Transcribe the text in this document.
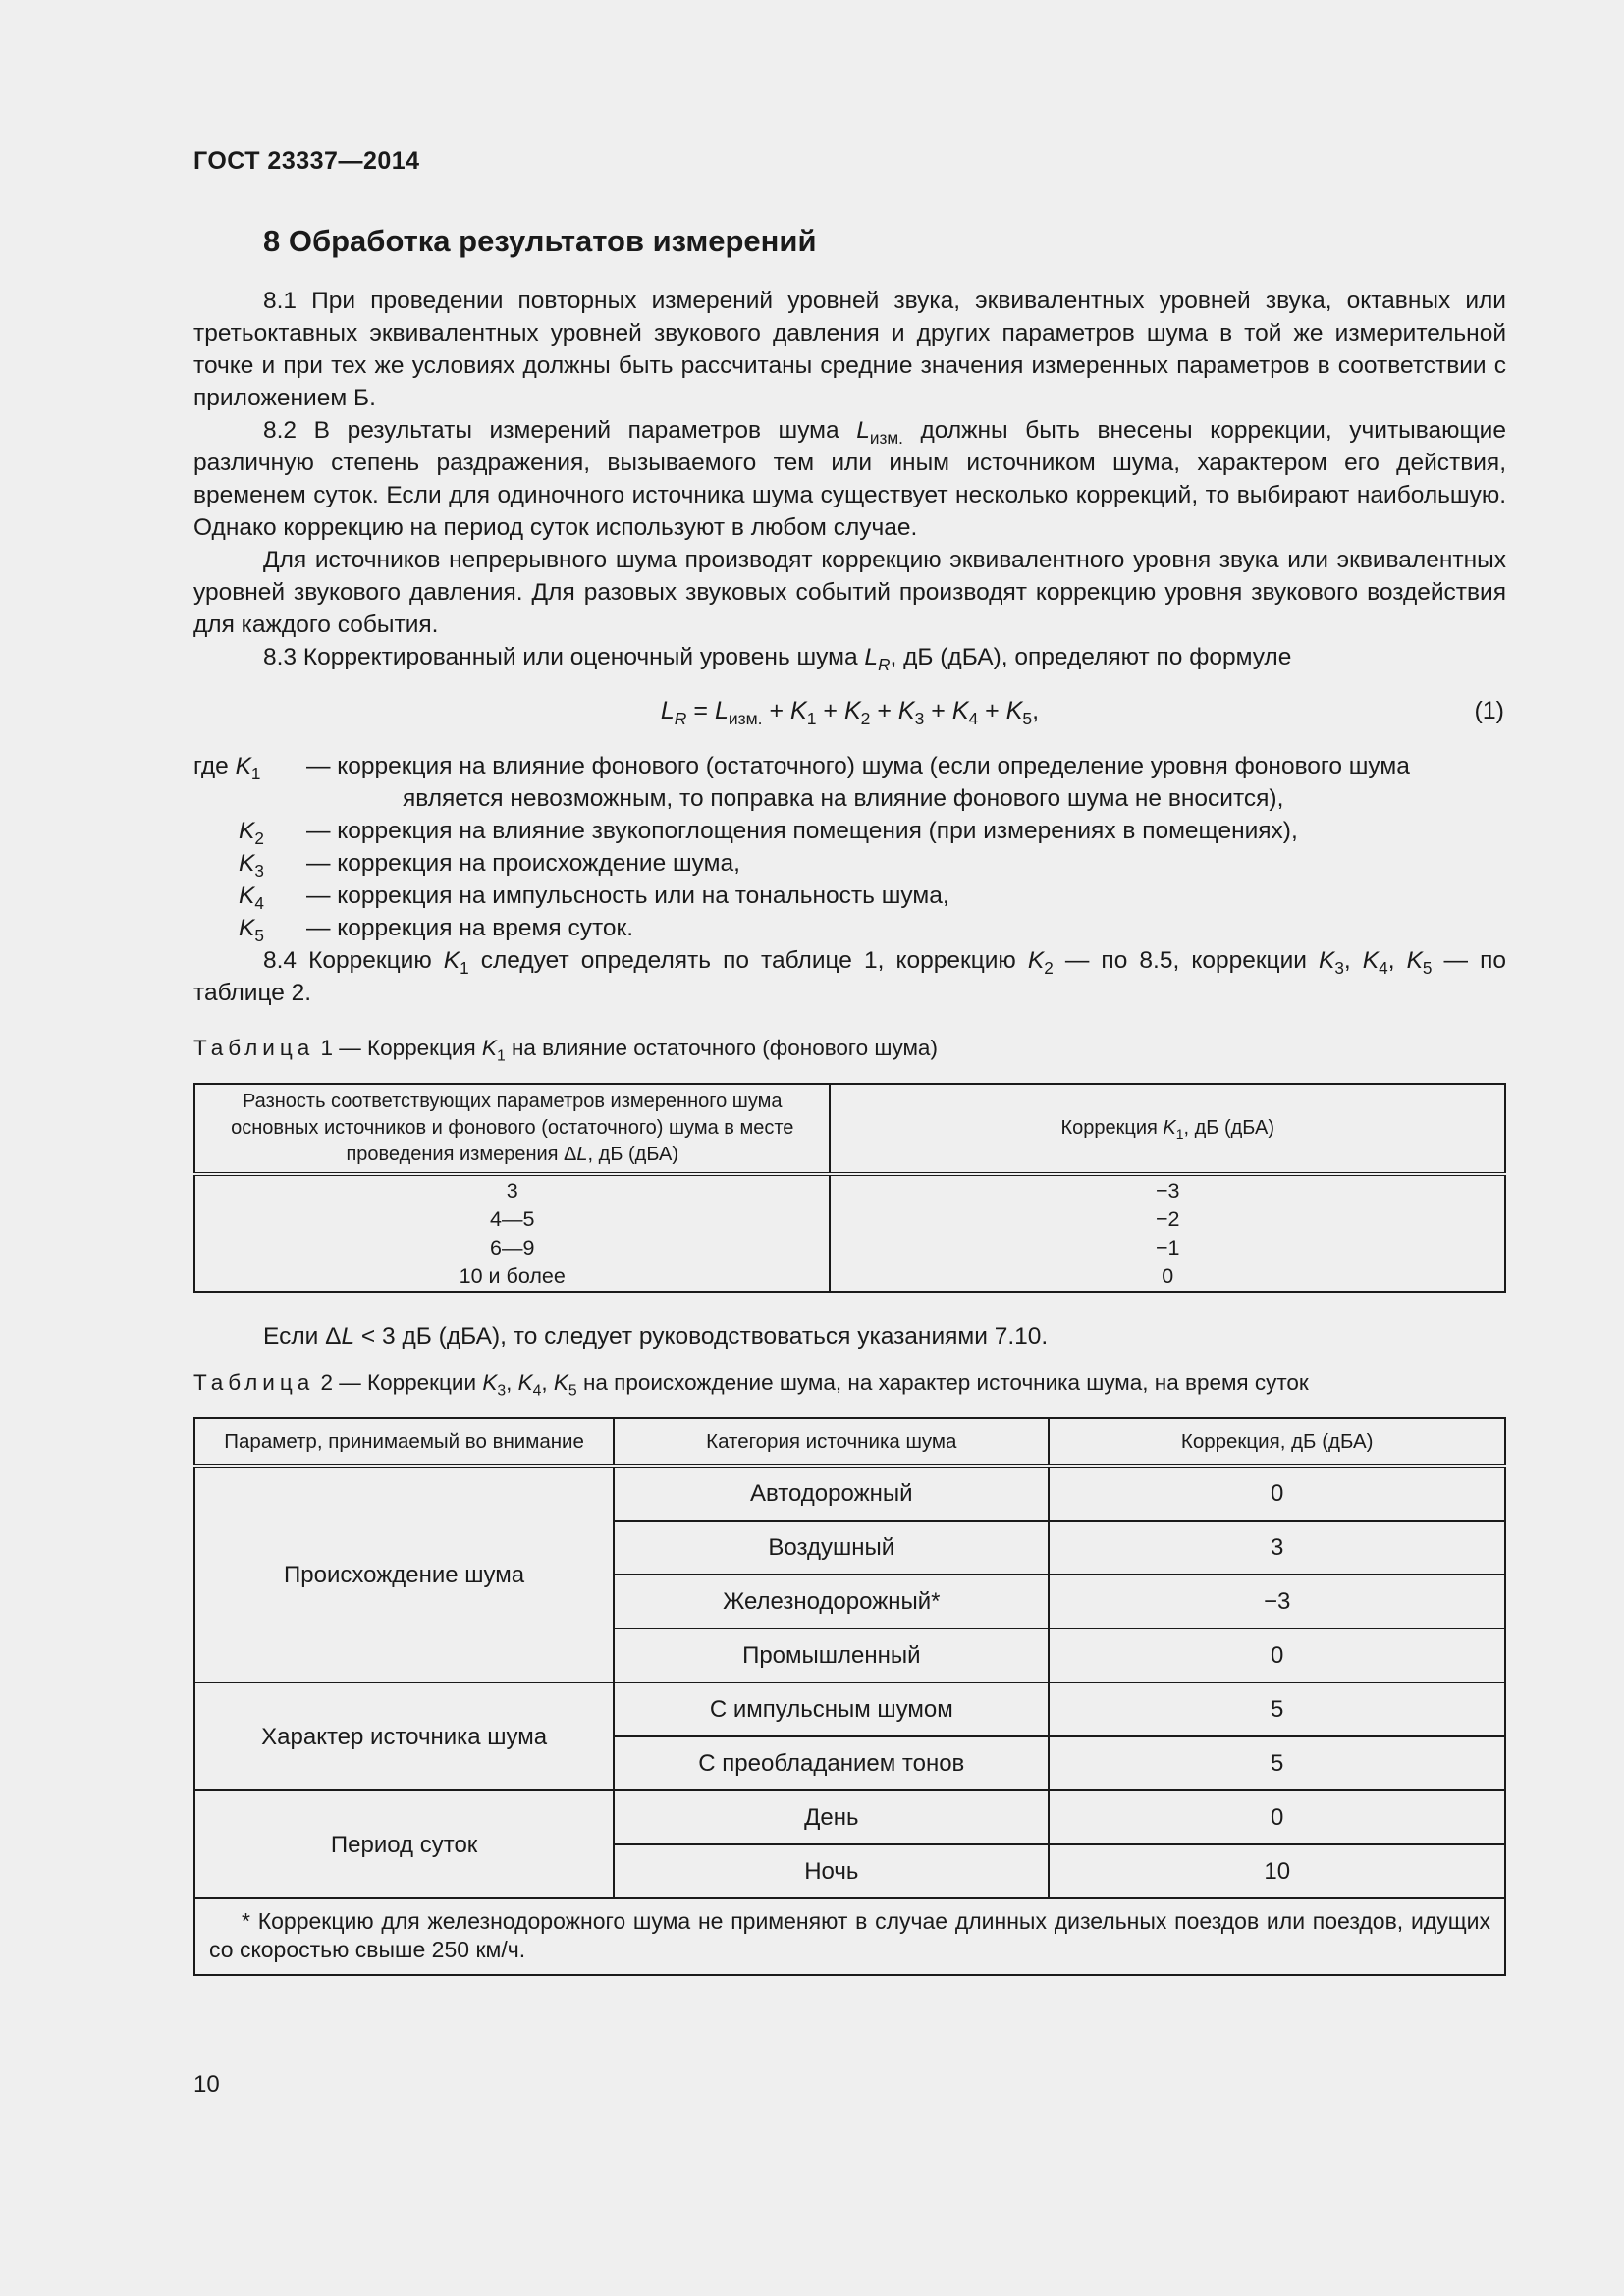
ГОСТ 23337—2014
8 Обработка результатов измерений

8.1 При проведении повторных измерений уровней звука, эквивалентных уровней звука, октавных или третьоктавных эквивалентных уровней звукового давления и других параметров шума в той же измерительной точке и при тех же условиях должны быть рассчитаны средние значения измеренных параметров в соответствии с приложением Б.

8.2 В результаты измерений параметров шума $L_{изм.}$ должны быть внесены коррекции, учитывающие различную степень раздражения, вызываемого тем или иным источником шума, характером его действия, временем суток. Если для одиночного источника шума существует несколько коррекций, то выбирают наибольшую. Однако коррекцию на период суток используют в любом случае.

Для источников непрерывного шума производят коррекцию эквивалентного уровня звука или эквивалентных уровней звукового давления. Для разовых звуковых событий производят коррекцию уровня звукового воздействия для каждого события.

8.3 Корректированный или оценочный уровень шума $L_R$, дБ (дБА), определяют по формуле

$L_R = L_{изм.} + K_1 + K_2 + K_3 + K_4 + K_5$,	(1)
где $K_1$ — коррекция на влияние фонового (остаточного) шума (если определение уровня фонового шума
является невозможным, то поправка на влияние фонового шума не вносится),
$K_2$ — коррекция на влияние звукопоглощения помещения (при измерениях в помещениях),
$K_3$ — коррекция на происхождение шума,
$K_4$ — коррекция на импульсность или на тональность шума,
$K_5$ — коррекция на время суток.

8.4 Коррекцию $K_1$ следует определять по таблице 1, коррекцию $K_2$ — по 8.5, коррекции $K_3$, $K_4$, $K_5$ — по таблице 2.

Таблица 1 — Коррекция $K_1$ на влияние остаточного (фонового шума)
Разность соответствующих параметров измеренного шума основных источников и фонового (остаточного) шума в месте проведения измерения ΔL, дБ (дБА)	Коррекция $K_1$, дБ (дБА)
3	−3
4—5	−2
6—9	−1
10 и более	0

Если ΔL < 3 дБ (дБА), то следует руководствоваться указаниями 7.10.

Таблица 2 — Коррекции $K_3$, $K_4$, $K_5$ на происхождение шума, на характер источника шума, на время суток
Параметр, принимаемый во внимание	Категория источника шума	Коррекция, дБ (дБА)
Происхождение шума	Автодорожный	0
	Воздушный	3
	Железнодорожный*	−3
	Промышленный	0
Характер источника шума	С импульсным шумом	5
	С преобладанием тонов	5
Период суток	День	0
	Ночь	10
* Коррекцию для железнодорожного шума не применяют в случае длинных дизельных поездов или поездов, идущих со скоростью свыше 250 км/ч.		
10
